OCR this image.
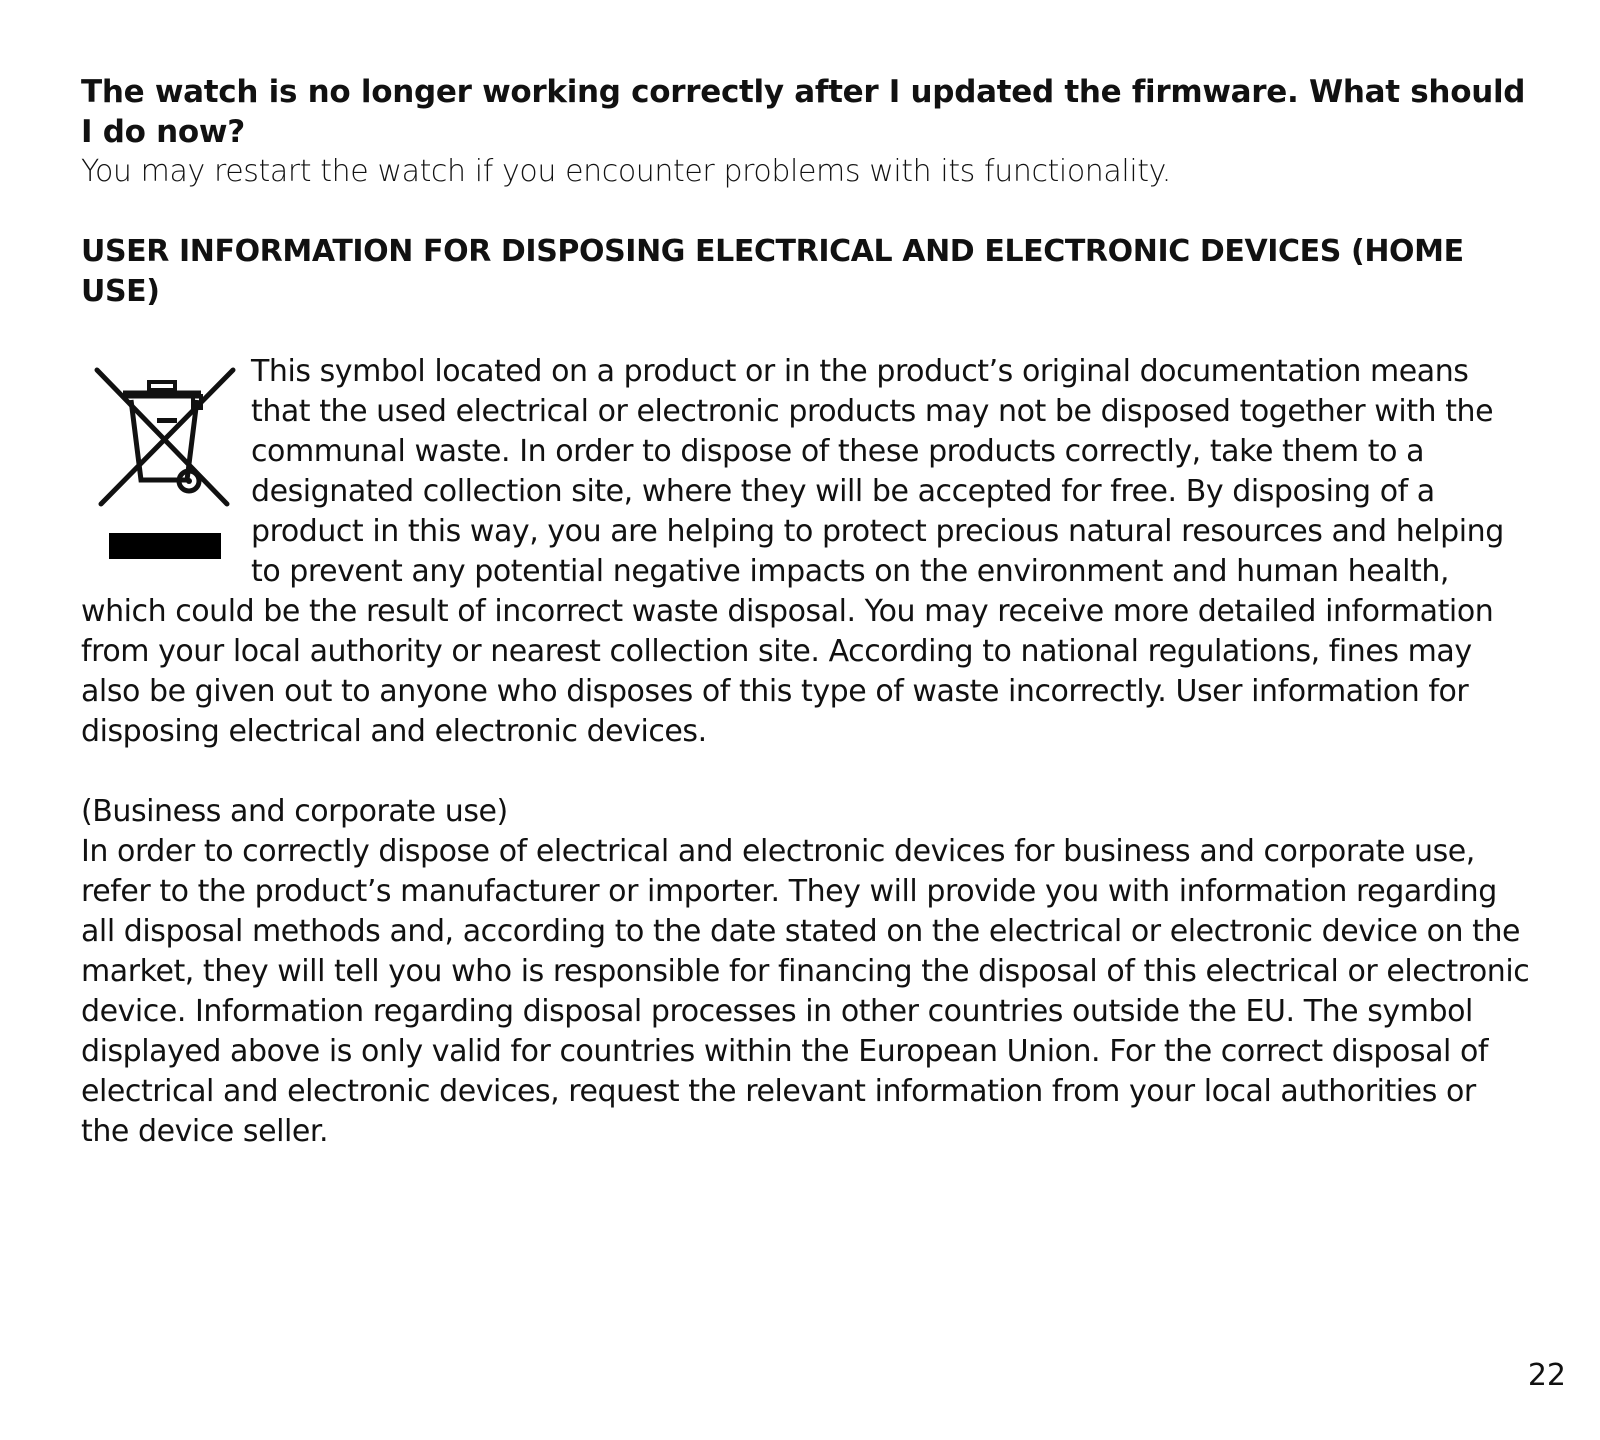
The watch is no longer working correctly after I updated the firmware. What should I do now?

You may restart the watch if you encounter problems with its functionality.

USER INFORMATION FOR DISPOSING ELECTRICAL AND ELECTRONIC DEVICES (HOME USE)

This symbol located on a product or in the product’s original documentation means that the used electrical or electronic products may not be disposed together with the communal waste. In order to dispose of these products correctly, take them to a designated collection site, where they will be accepted for free. By disposing of a product in this way, you are helping to protect precious natural resources and helping to prevent any potential negative impacts on the environment and human health, which could be the result of incorrect waste disposal. You may receive more detailed information from your local authority or nearest collection site. According to national regulations, fines may also be given out to anyone who disposes of this type of waste incorrectly. User information for disposing electrical and electronic devices.

(Business and corporate use)

In order to correctly dispose of electrical and electronic devices for business and corporate use, refer to the product’s manufacturer or importer. They will provide you with information regarding all disposal methods and, according to the date stated on the electrical or electronic device on the market, they will tell you who is responsible for financing the disposal of this electrical or electronic device. Information regarding disposal processes in other countries outside the EU. The symbol displayed above is only valid for countries within the European Union. For the correct disposal of electrical and electronic devices, request the relevant information from your local authorities or the device seller.

22
